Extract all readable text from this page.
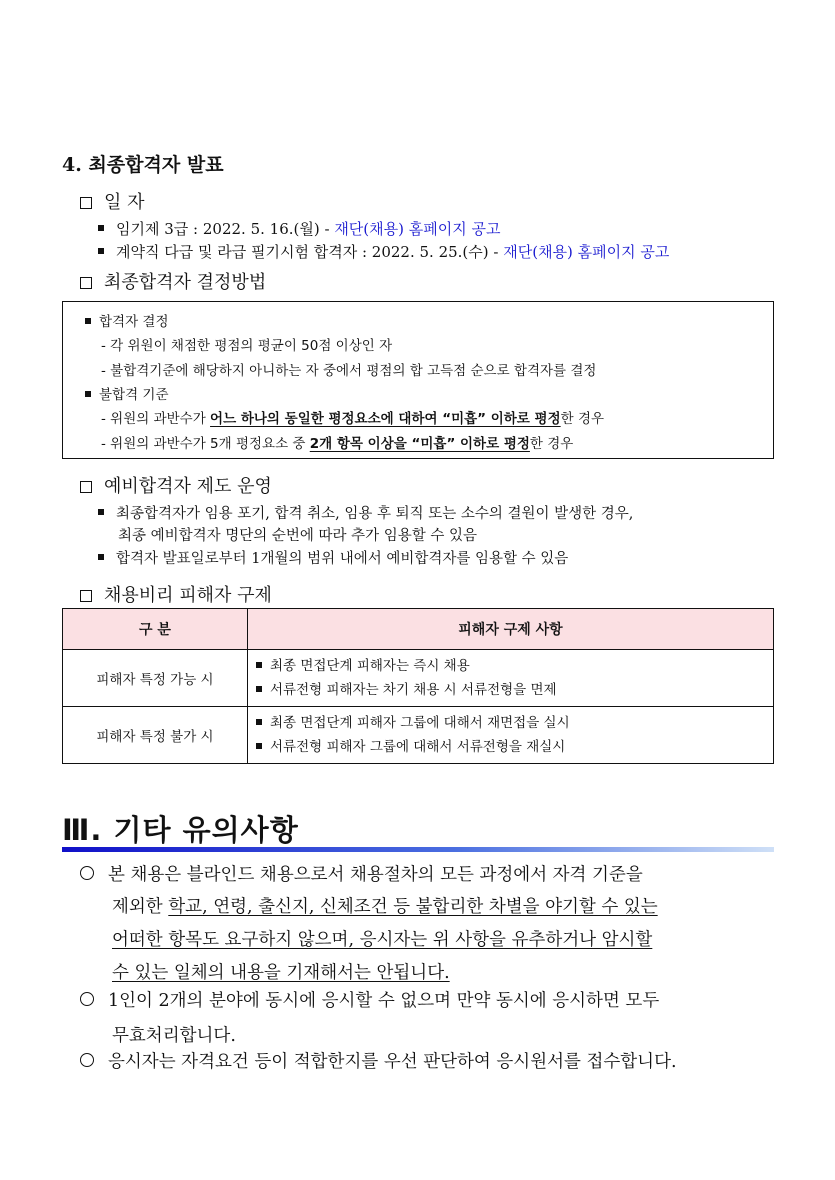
4. 최종합격자 발표
일 자
임기제 3급 : 2022. 5. 16.(월) - 재단(채용) 홈페이지 공고
계약직 다급 및 라급 필기시험 합격자 : 2022. 5. 25.(수) - 재단(채용) 홈페이지 공고
최종합격자 결정방법
합격자 결정
- 각 위원이 채점한 평점의 평균이 50점 이상인 자
- 불합격기준에 해당하지 아니하는 자 중에서 평점의 합 고득점 순으로 합격자를 결정
불합격 기준
- 위원의 과반수가 어느 하나의 동일한 평정요소에 대하여 “미흡” 이하로 평정한 경우
- 위원의 과반수가 5개 평정요소 중 2개 항목 이상을 “미흡” 이하로 평정한 경우
예비합격자 제도 운영
최종합격자가 임용 포기, 합격 취소, 임용 후 퇴직 또는 소수의 결원이 발생한 경우,
최종 예비합격자 명단의 순번에 따라 추가 임용할 수 있음
합격자 발표일로부터 1개월의 범위 내에서 예비합격자를 임용할 수 있음
채용비리 피해자 구제
구 분	피해자 구제 사항
피해자 특정 가능 시	최종 면접단계 피해자는 즉시 채용
서류전형 피해자는 차기 채용 시 서류전형을 면제

피해자 특정 불가 시	최종 면접단계 피해자 그룹에 대해서 재면접을 실시
서류전형 피해자 그룹에 대해서 서류전형을 재실시
Ⅲ. 기타 유의사항
본 채용은 블라인드 채용으로서 채용절차의 모든 과정에서 자격 기준을
제외한 학교, 연령, 출신지, 신체조건 등 불합리한 차별을 야기할 수 있는
어떠한 항목도 요구하지 않으며, 응시자는 위 사항을 유추하거나 암시할
수 있는 일체의 내용을 기재해서는 안됩니다.
1인이 2개의 분야에 동시에 응시할 수 없으며 만약 동시에 응시하면 모두
무효처리합니다.
응시자는 자격요건 등이 적합한지를 우선 판단하여 응시원서를 접수합니다.
